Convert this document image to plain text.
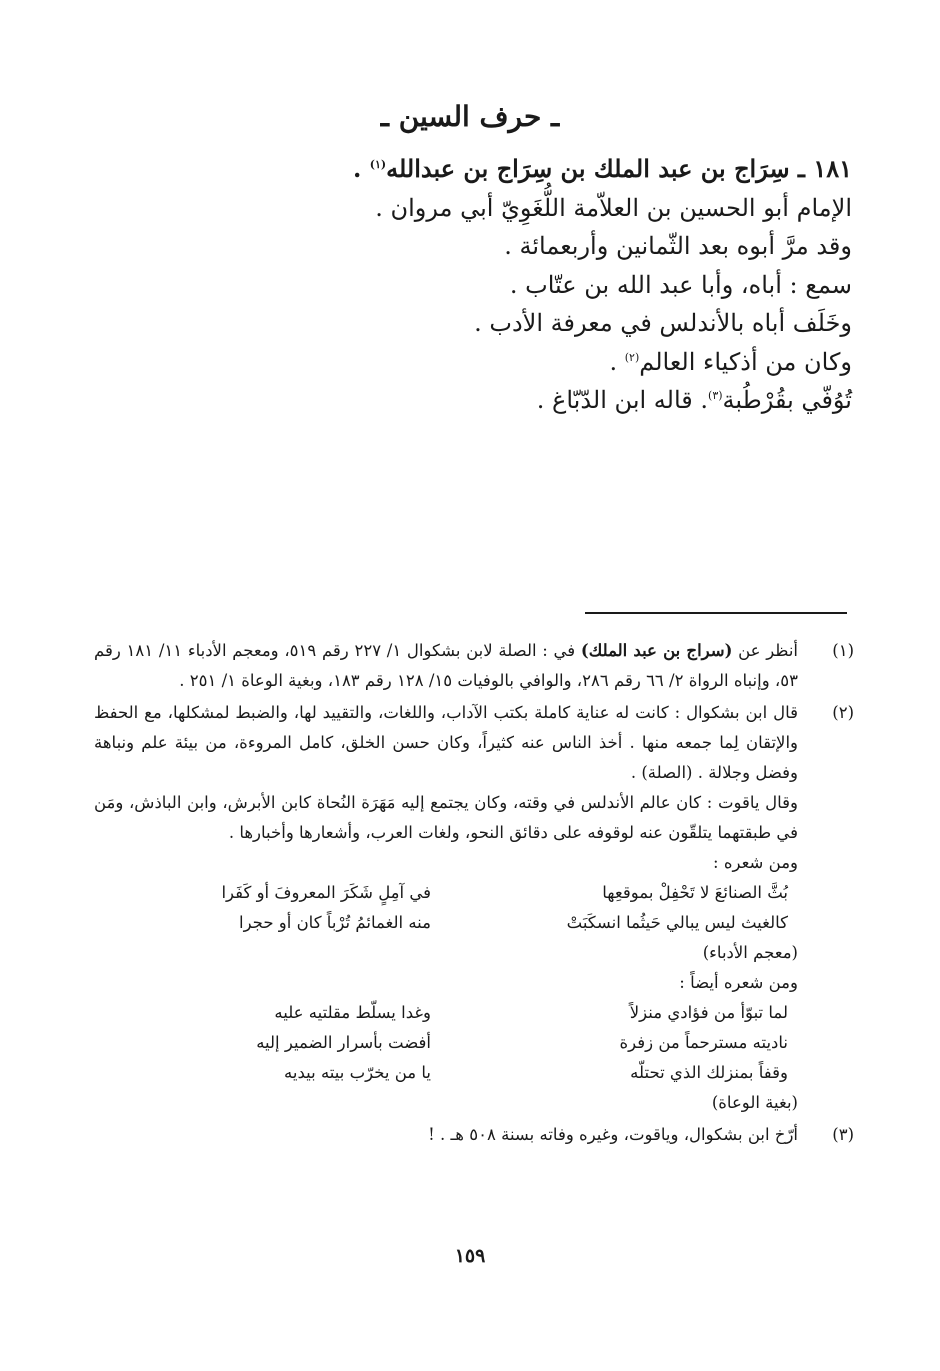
ـ حرف السين ـ
١٨١ ـ سِرَاج بن عبد الملك بن سِرَاج بن عبدالله$^{(١)}$ .
الإمام أبو الحسين بن العلاّمة اللُّغَوِيّ أبي مروان .
وقد مرَّ أبوه بعد الثّمانين وأربعمائة .
سمع : أباه، وأبا عبد الله بن عتّاب .
وخَلَف أباه بالأندلس في معرفة الأدب .
وكان من أذكياء العالم$^{(٢)}$ .
تُوُفّي بقُرْطُبة$^{(٣)}$. قاله ابن الدّبّاغ .
(١)

أنظر عن (سراج بن عبد الملك) في : الصلة لابن بشكوال ١/ ٢٢٧ رقم ٥١٩، ومعجم الأدباء ١١/ ١٨١ رقم ٥٣، وإنباه الرواة ٢/ ٦٦ رقم ٢٨٦، والوافي بالوفيات ١٥/ ١٢٨ رقم ١٨٣، وبغية الوعاة ١/ ٢٥١ .

(٢)

قال ابن بشكوال : كانت له عناية كاملة بكتب الآداب، واللغات، والتقييد لها، والضبط لمشكلها، مع الحفظ والإتقان لِما جمعه منها . أخذ الناس عنه كثيراً، وكان حسن الخلق، كامل المروءة، من بيئة علم ونباهة وفضل وجلالة . (الصلة) .

وقال ياقوت : كان عالم الأندلس في وقته، وكان يجتمع إليه مَهَرَة النُحاة كابن الأبرش، وابن الباذش، ومَن في طبقتهما يتلقّون عنه لوقوفه على دقائق النحو، ولغات العرب، وأشعارها وأخبارها .

ومن شعره :

بُثَّ الصنائعَ لا تَحْفِلْ بموقعِها
في آمِلٍ شَكَرَ المعروفَ أو كَفَرا
كالغيث ليس يبالي حَيثُما انسكَبَتْ
منه الغمائمُ تُرْباً كان أو حجرا

(معجم الأدباء)

ومن شعره أيضاً :

لما تبوّأ من فؤادي منزلاً
وغدا يسلّط مقلتيه عليه
ناديته مسترحماً من زفرة
أفضت بأسرار الضمير إليه
وقفاً بمنزلك الذي تحتلّه
يا من يخرّب بيته بيديه

(بغية الوعاة)

(٣)

أرّخ ابن بشكوال، وياقوت، وغيره وفاته بسنة ٥٠٨ هـ . !

١٥٩
